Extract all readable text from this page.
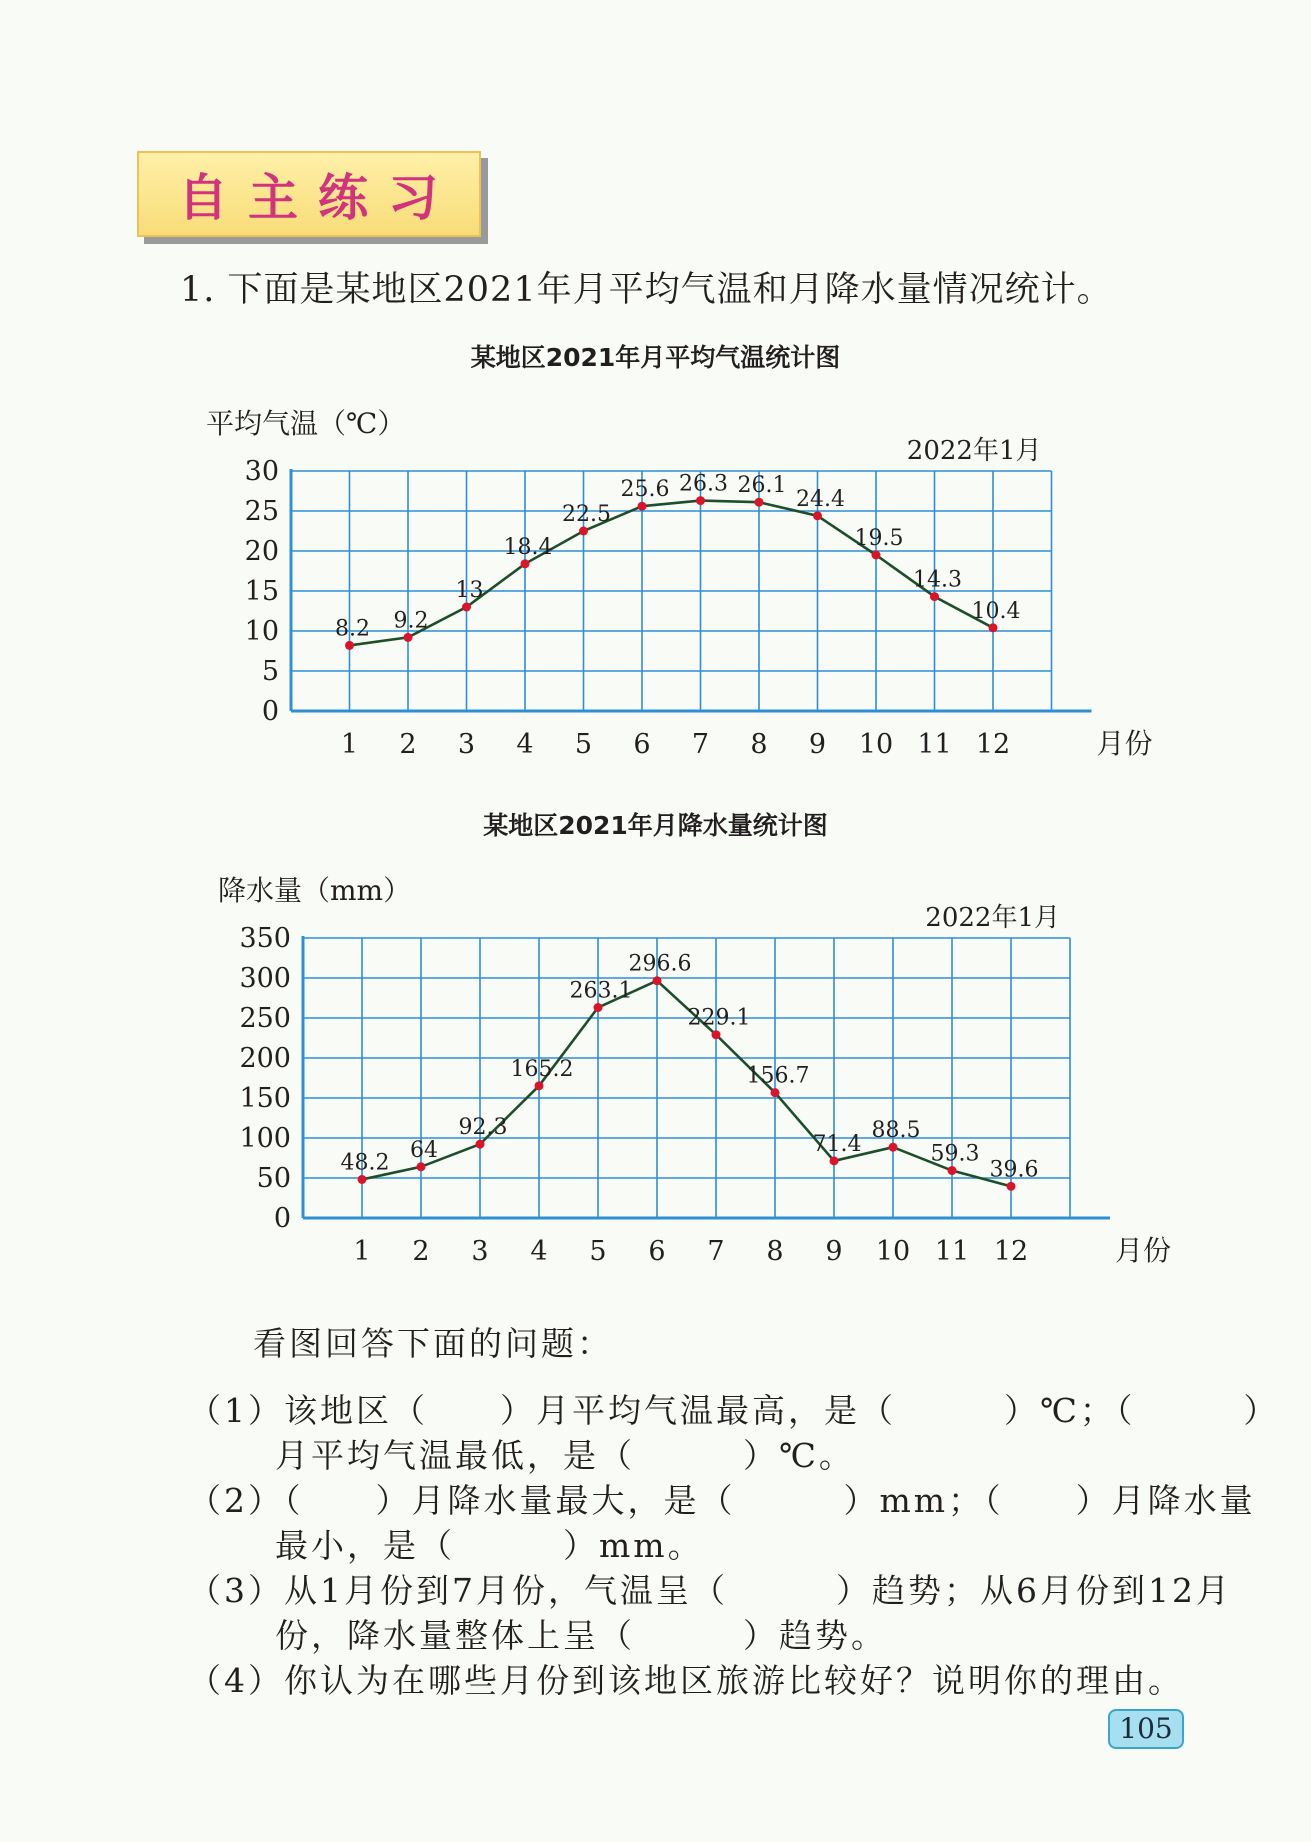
自主练习
1. 下面是某地区2021年月平均气温和月降水量情况统计。
某地区2021年月平均气温统计图
0
5
10
15
20
25
30
1 2 3 4 5 6 7 8 9 10 11 12	月份
平均气温（℃）
2022年1月
8.2 9.2
13
18.4
22.5
25.6 26.3 26.1
24.4
19.5
14.3
10.4
某地区2021年月降水量统计图
0
50
100
150
200
250
300
350
1 2 3 4 5 6 7 8 9 10 11 12	月份
降水量（mm）
2022年1月
48.2
64
92.3
165.2
263.1
296.6
229.1
156.7
71.4
88.5
59.3
39.6
看图回答下面的问题：
（1）该地区（　　）月平均气温最高，是（　　　）℃；（　　　）
月平均气温最低，是（　　　）℃。
（2）（　　）月降水量最大，是（　　　）mm；（　　）月降水量
最小，是（　　　）mm。
（3）从1月份到7月份，气温呈（　　　）趋势；从6月份到12月
份，降水量整体上呈（　　　）趋势。
（4）你认为在哪些月份到该地区旅游比较好？说明你的理由。
105
